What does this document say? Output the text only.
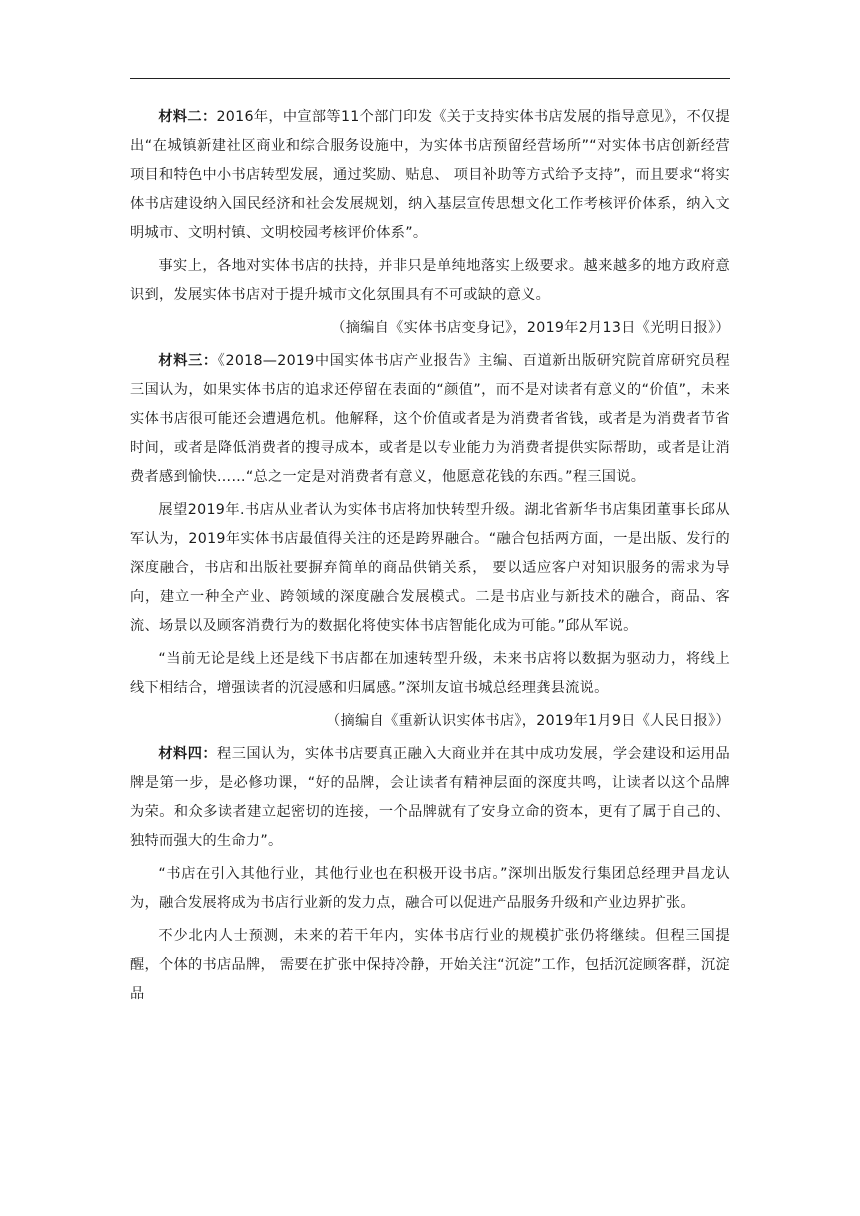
材料二：2016年，中宣部等11个部门印发《关于支持实体书店发展的指导意见》，不仅提出“在城镇新建社区商业和综合服务设施中，为实体书店预留经营场所”“对实体书店创新经营项目和特色中小书店转型发展，通过奖励、贴息、 项目补助等方式给予支持”，而且要求“将实体书店建设纳入国民经济和社会发展规划，纳入基层宣传思想文化工作考核评价体系，纳入文明城市、文明村镇、文明校园考核评价体系”。

事实上，各地对实体书店的扶持，并非只是单纯地落实上级要求。越来越多的地方政府意识到，发展实体书店对于提升城市文化氛围具有不可或缺的意义。

（摘编自《实体书店变身记》，2019年2月13日《光明日报》）

材料三：《2018—2019中国实体书店产业报告》主编、百道新出版研究院首席研究员程三国认为，如果实体书店的追求还停留在表面的“颜值”，而不是对读者有意义的“价值”，未来实体书店很可能还会遭遇危机。他解释，这个价值或者是为消费者省钱，或者是为消费者节省时间，或者是降低消费者的搜寻成本，或者是以专业能力为消费者提供实际帮助，或者是让消费者感到愉快……“总之一定是对消费者有意义，他愿意花钱的东西。”程三国说。

展望2019年.书店从业者认为实体书店将加快转型升级。湖北省新华书店集团董事长邱从军认为，2019年实体书店最值得关注的还是跨界融合。“融合包括两方面，一是出版、发行的深度融合，书店和出版社要摒弃简单的商品供销关系， 要以适应客户对知识服务的需求为导向，建立一种全产业、跨领域的深度融合发展模式。二是书店业与新技术的融合，商品、客流、场景以及顾客消费行为的数据化将使实体书店智能化成为可能。”邱从军说。

“当前无论是线上还是线下书店都在加速转型升级，未来书店将以数据为驱动力，将线上线下相结合，增强读者的沉浸感和归属感。”深圳友谊书城总经理龚县流说。

（摘编自《重新认识实体书店》，2019年1月9日《人民日报》）

材料四：程三国认为，实体书店要真正融入大商业并在其中成功发展，学会建设和运用品牌是第一步，是必修功课，“好的品牌，会让读者有精神层面的深度共鸣，让读者以这个品牌为荣。和众多读者建立起密切的连接，一个品牌就有了安身立命的资本，更有了属于自己的、独特而强大的生命力”。

“书店在引入其他行业，其他行业也在积极开设书店。”深圳出版发行集团总经理尹昌龙认为，融合发展将成为书店行业新的发力点，融合可以促进产品服务升级和产业边界扩张。

不少北内人士预测，未来的若干年内，实体书店行业的规模扩张仍将继续。但程三国提醒，个体的书店品牌， 需要在扩张中保持冷静，开始关注“沉淀”工作，包括沉淀顾客群，沉淀品
